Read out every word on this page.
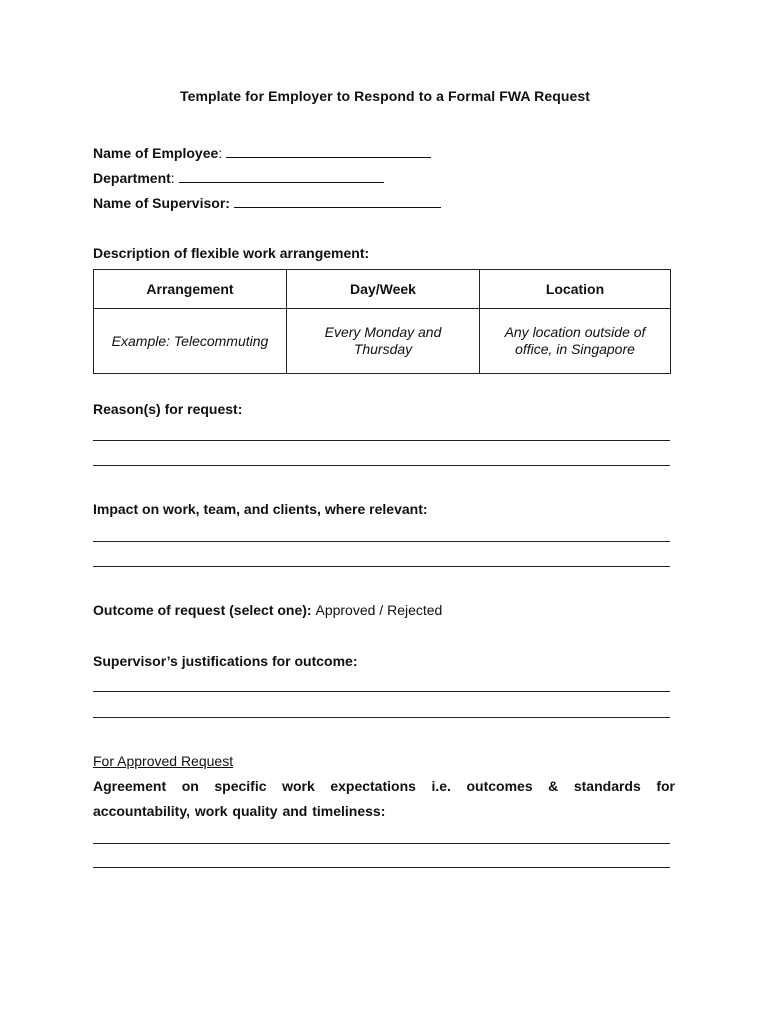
Template for Employer to Respond to a Formal FWA Request
Name of Employee:
Department:
Name of Supervisor:
Description of flexible work arrangement:
Arrangement	Day/Week	Location
Example: Telecommuting	Every Monday and Thursday	Any location outside of office, in Singapore
Reason(s) for request:
Impact on work, team, and clients, where relevant:
Outcome of request (select one): Approved / Rejected
Supervisor’s justifications for outcome:
For Approved Request
Agreement on specific work expectations i.e. outcomes & standards for accountability, work quality and timeliness:
